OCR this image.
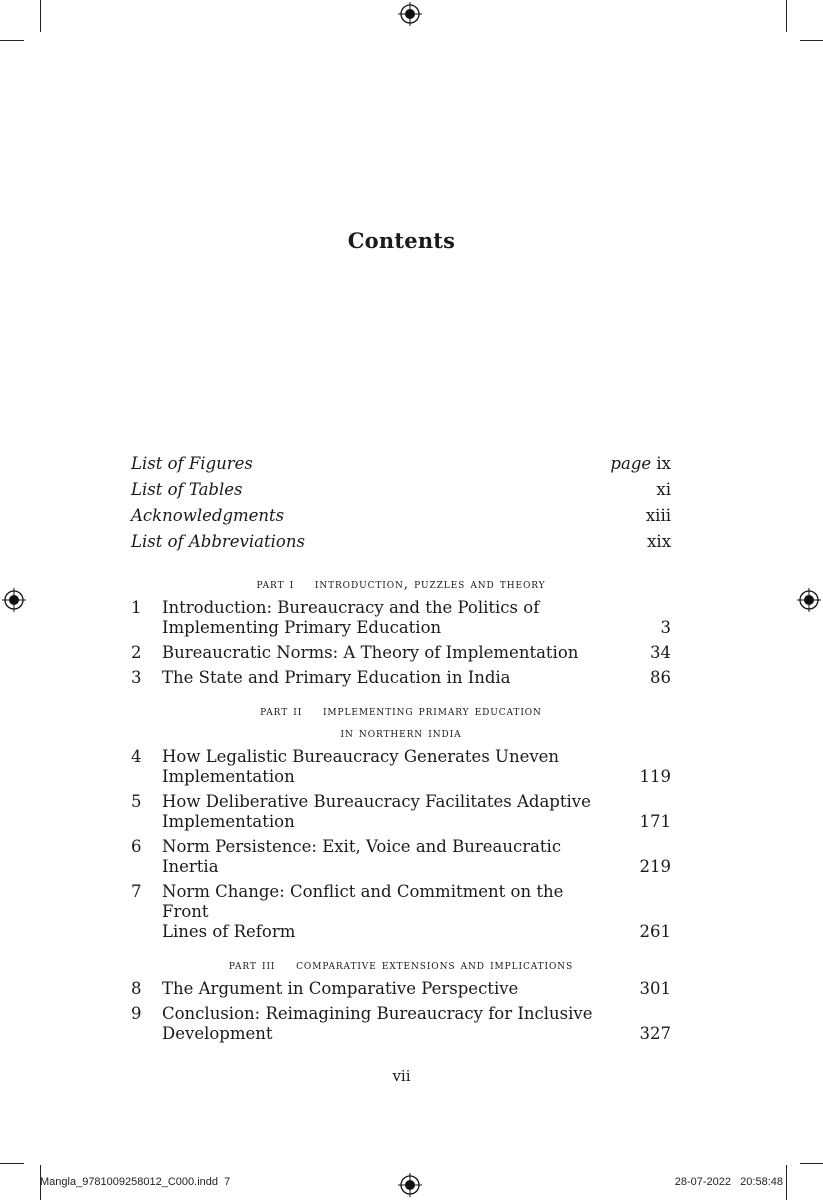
Contents
List of Figures	page ix
List of Tables	xi
Acknowledgments	xiii
List of Abbreviations	xix
part i    introduction, puzzles and theory
1 Introduction: Bureaucracy and the Politics of
Implementing Primary Education	3
2 Bureaucratic Norms: A Theory of Implementation	34
3 The State and Primary Education in India	86
part ii    implementing primary education
in northern india
4 How Legalistic Bureaucracy Generates Uneven
Implementation	119
5 How Deliberative Bureaucracy Facilitates Adaptive
Implementation	171
6 Norm Persistence: Exit, Voice and Bureaucratic Inertia	219
7 Norm Change: Conflict and Commitment on the Front
Lines of Reform	261
part iii    comparative extensions and implications
8 The Argument in Comparative Perspective	301
9 Conclusion: Reimagining Bureaucracy for Inclusive
Development	327
vii
Mangla_9781009258012_C000.indd  7	28-07-2022   20:58:48
